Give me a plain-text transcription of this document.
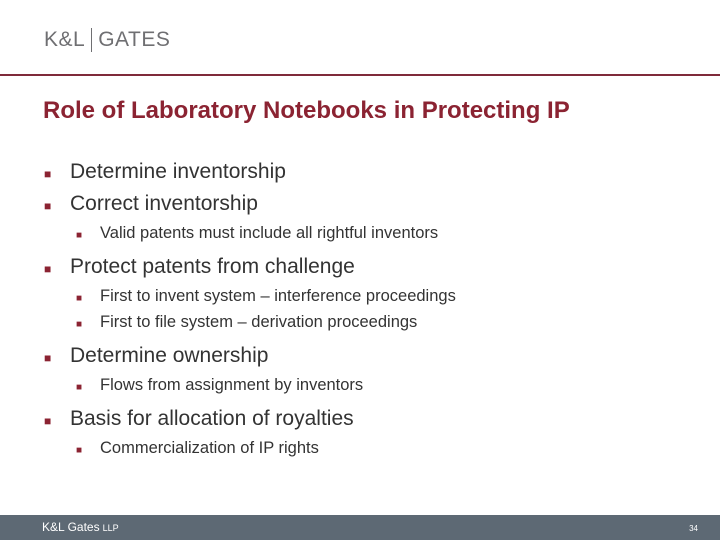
K&L GATES
Role of Laboratory Notebooks in Protecting IP
■ Determine inventorship
■ Correct inventorship
■	Valid patents must include all rightful inventors
■ Protect patents from challenge
■	First to invent system – interference proceedings
■	First to file system – derivation proceedings
■ Determine ownership
■	Flows from assignment by inventors
■ Basis for allocation of royalties
■	Commercialization of IP rights
K&L Gates LLP	34
